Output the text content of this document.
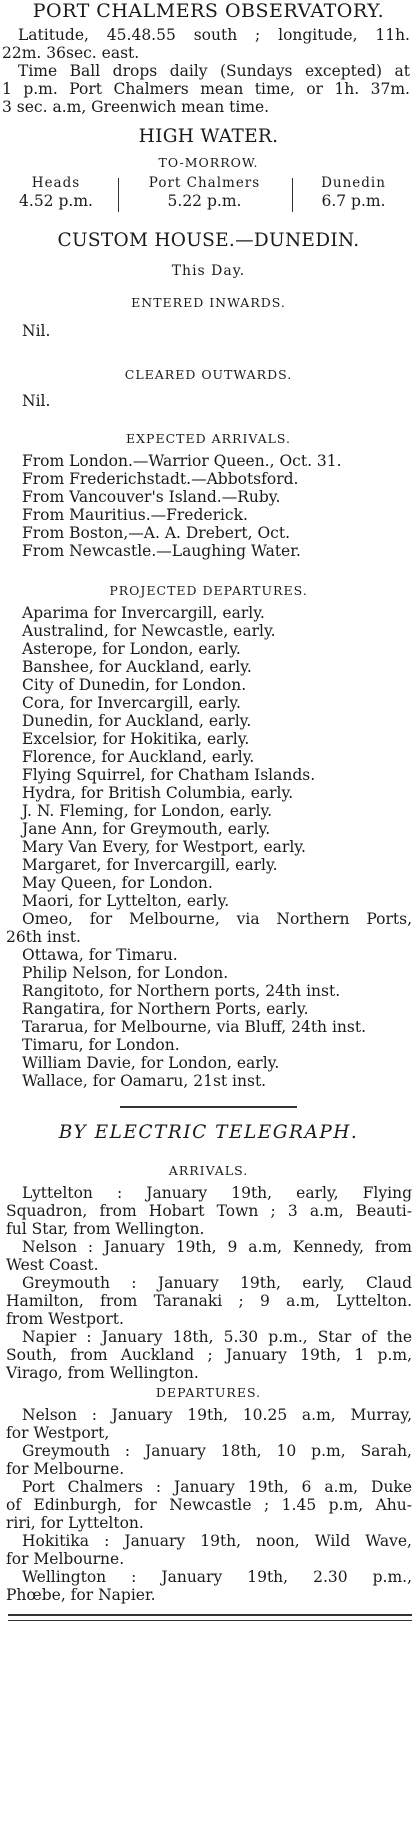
PORT CHALMERS OBSERVATORY.
Latitude, 45.48.55 south ; longitude, 11h.
22m. 36sec. east.
Time Ball drops daily (Sundays excepted) at
1 p.m. Port Chalmers mean time, or 1h. 37m.
3 sec. a.m, Greenwich mean time.
HIGH WATER.
TO-MORROW.
Heads
4.52 p.m.
Port Chalmers
5.22 p.m.
Dunedin
6.7 p.m.
CUSTOM HOUSE.—DUNEDIN.
This Day.
ENTERED INWARDS.
Nil.
CLEARED OUTWARDS.
Nil.
EXPECTED ARRIVALS.
From London.—Warrior Queen., Oct. 31.
From Frederichstadt.—Abbotsford.
From Vancouver's Island.—Ruby.
From Mauritius.—Frederick.
From Boston,—A. A. Drebert, Oct.
From Newcastle.—Laughing Water.
PROJECTED DEPARTURES.
Aparima for Invercargill, early.
Australind, for Newcastle, early.
Asterope, for London, early.
Banshee, for Auckland, early.
City of Dunedin, for London.
Cora, for Invercargill, early.
Dunedin, for Auckland, early.
Excelsior, for Hokitika, early.
Florence, for Auckland, early.
Flying Squirrel, for Chatham Islands.
Hydra, for British Columbia, early.
J. N. Fleming, for London, early.
Jane Ann, for Greymouth, early.
Mary Van Every, for Westport, early.
Margaret, for Invercargill, early.
May Queen, for London.
Maori, for Lyttelton, early.
Omeo, for Melbourne, via Northern Ports,
26th inst.
Ottawa, for Timaru.
Philip Nelson, for London.
Rangitoto, for Northern ports, 24th inst.
Rangatira, for Northern Ports, early.
Tararua, for Melbourne, via Bluff, 24th inst.
Timaru, for London.
William Davie, for London, early.
Wallace, for Oamaru, 21st inst.
BY ELECTRIC TELEGRAPH.
ARRIVALS.
Lyttelton : January 19th, early, Flying
Squadron, from Hobart Town ; 3 a.m, Beauti-
ful Star, from Wellington.
Nelson : January 19th, 9 a.m, Kennedy, from
West Coast.
Greymouth : January 19th, early, Claud
Hamilton, from Taranaki ; 9 a.m, Lyttelton.
from Westport.
Napier : January 18th, 5.30 p.m., Star of the
South, from Auckland ; January 19th, 1 p.m,
Virago, from Wellington.
DEPARTURES.
Nelson : January 19th, 10.25 a.m, Murray,
for Westport,
Greymouth : January 18th, 10 p.m, Sarah,
for Melbourne.
Port Chalmers : January 19th, 6 a.m, Duke
of Edinburgh, for Newcastle ; 1.45 p.m, Ahu-
riri, for Lyttelton.
Hokitika : January 19th, noon, Wild Wave,
for Melbourne.
Wellington : January 19th, 2.30 p.m.,
Phœbe, for Napier.
